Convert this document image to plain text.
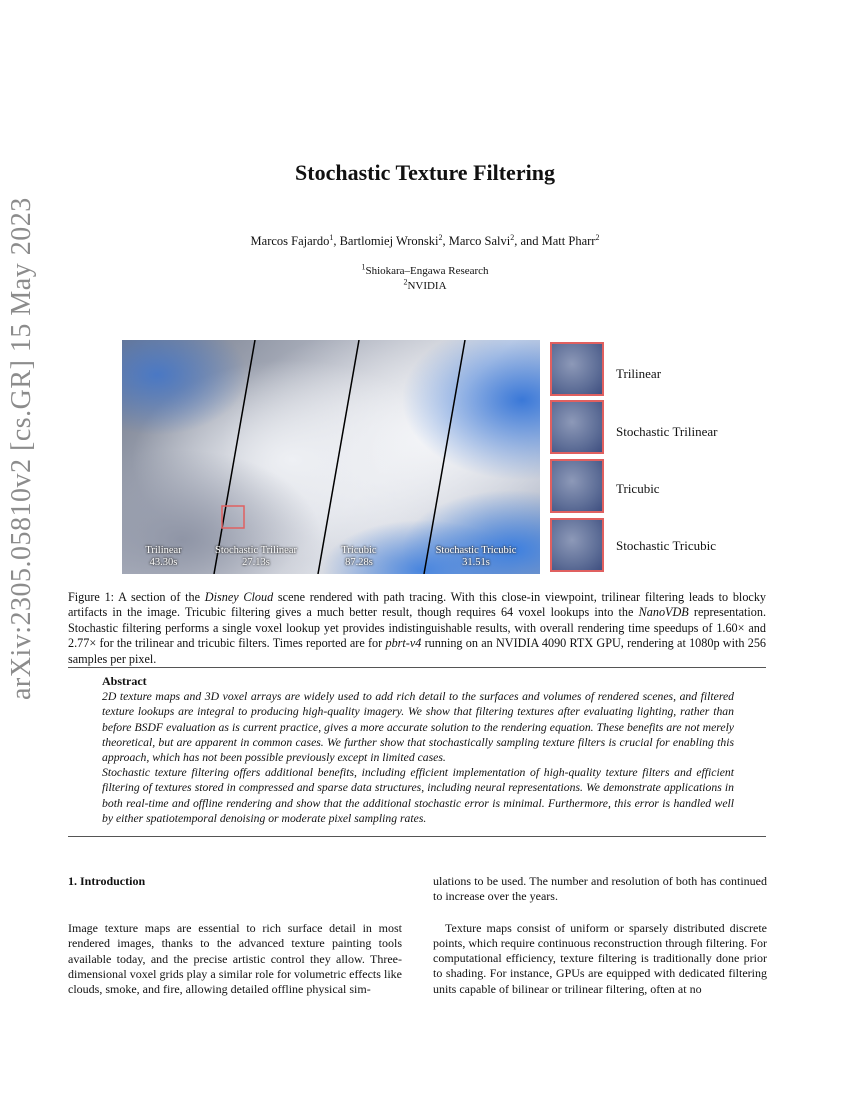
arXiv:2305.05810v2 [cs.GR] 15 May 2023
Stochastic Texture Filtering
Marcos Fajardo$^1$, Bartlomiej Wronski$^2$, Marco Salvi$^2$, and Matt Pharr$^2$
$^1$Shiokara–Engawa Research
$^2$NVIDIA
Trilinear
43.30s
Stochastic Trilinear
27.13s
Tricubic
87.28s
Stochastic Tricubic
31.51s
Trilinear
Stochastic Trilinear
Tricubic
Stochastic Tricubic
Figure 1: A section of the Disney Cloud scene rendered with path tracing. With this close-in viewpoint, trilinear filtering leads to blocky artifacts in the image. Tricubic filtering gives a much better result, though requires 64 voxel lookups into the NanoVDB representation. Stochastic filtering performs a single voxel lookup yet provides indistinguishable results, with overall rendering time speedups of 1.60× and 2.77× for the trilinear and tricubic filters. Times reported are for pbrt-v4 running on an NVIDIA 4090 RTX GPU, rendering at 1080p with 256 samples per pixel.
Abstract

2D texture maps and 3D voxel arrays are widely used to add rich detail to the surfaces and volumes of rendered scenes, and filtered texture lookups are integral to producing high-quality imagery. We show that filtering textures after evaluating lighting, rather than before BSDF evaluation as is current practice, gives a more accurate solution to the rendering equation. These benefits are not merely theoretical, but are apparent in common cases. We further show that stochastically sampling texture filters is crucial for enabling this approach, which has not been possible previously except in limited cases.

Stochastic texture filtering offers additional benefits, including efficient implementation of high-quality texture filters and efficient filtering of textures stored in compressed and sparse data structures, including neural representations. We demonstrate applications in both real-time and offline rendering and show that the additional stochastic error is minimal. Furthermore, this error is handled well by either spatiotemporal denoising or moderate pixel sampling rates.

1. Introduction

Image texture maps are essential to rich surface detail in most rendered images, thanks to the advanced texture painting tools available today, and the precise artistic control they allow. Three-dimensional voxel grids play a similar role for volumetric effects like clouds, smoke, and fire, allowing detailed offline physical sim-

ulations to be used. The number and resolution of both has continued to increase over the years.

Texture maps consist of uniform or sparsely distributed discrete points, which require continuous reconstruction through filtering. For computational efficiency, texture filtering is traditionally done prior to shading. For instance, GPUs are equipped with dedicated filtering units capable of bilinear or trilinear filtering, often at no
